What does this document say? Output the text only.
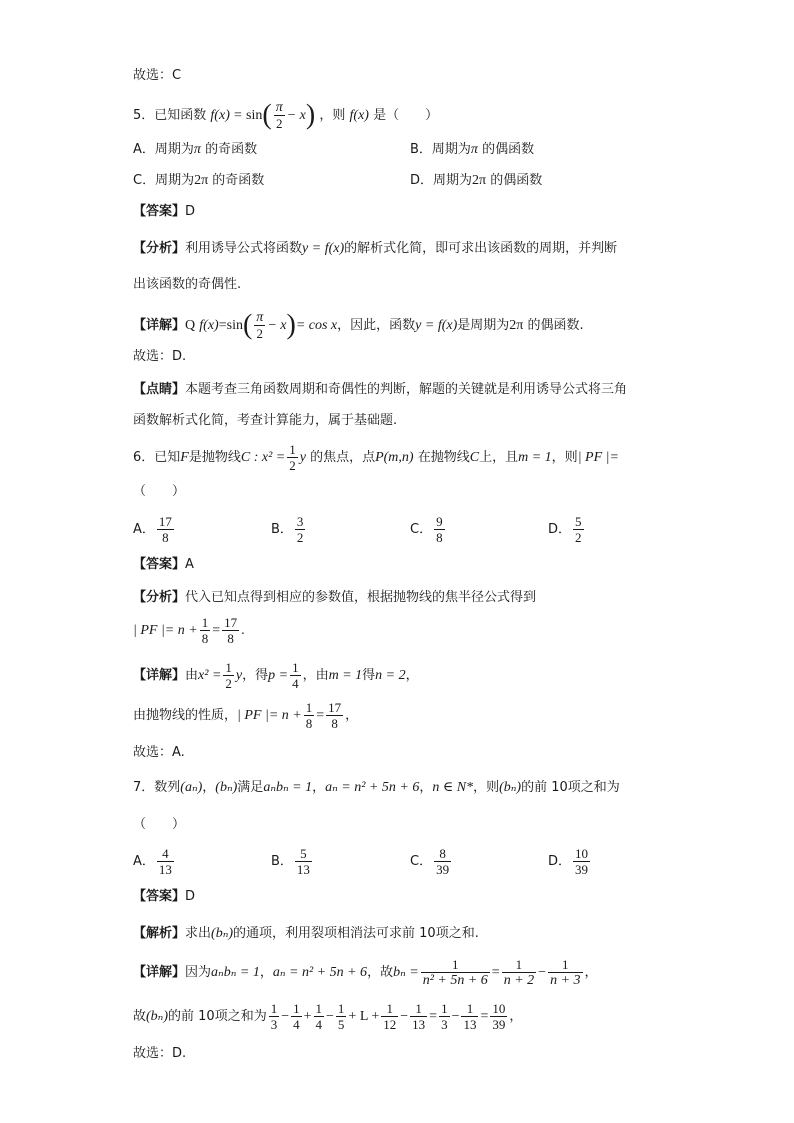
故选：C
5．已知函数 $f(x) = \sin( \frac{\pi}{2} - x)$ ，则 f(x) 是（　　）
A．周期为π 的奇函数	B．周期为π 的偶函数
C．周期为2π 的奇函数	D．周期为2π 的偶函数
【答案】D
【分析】利用诱导公式将函数y = f(x)的解析式化简，即可求出该函数的周期，并判断
出该函数的奇偶性.
【详解】Q $f(x)=\sin( \frac{\pi}{2} - x)= \cos x$，因此，函数y = f(x)是周期为2π 的偶函数.
故选：D.
【点睛】本题考查三角函数周期和奇偶性的判断，解题的关键就是利用诱导公式将三角
函数解析式化简，考查计算能力，属于基础题.
6．已知F是抛物线C : $x^2 = \frac{1}{2}$ y 的焦点，点P(m,n) 在抛物线C上，且m = 1，则| PF |=
（　　）
A． $\frac{17}{8}$	B． $\frac{3}{2}$	C． $\frac{9}{8}$	D． $\frac{5}{2}$
【答案】A
【分析】代入已知点得到相应的参数值，根据抛物线的焦半径公式得到
| PF |= $n + \frac{1}{8} = \frac{17}{8}$ .
【详解】由$x^2 = \frac{1}{2}$ y，得$p = \frac{1}{4}$ ，由m = 1得n = 2，
由抛物线的性质，| PF |= $n + \frac{1}{8} = \frac{17}{8}$ ，
故选：A.
7．数列(aₙ)，(bₙ)满足aₙbₙ = 1，aₙ = n² + 5n + 6，n ∈ N*，则(bₙ)的前 10项之和为
（　　）
A． $\frac{4}{13}$	B． $\frac{5}{13}$	C． $\frac{8}{39}$	D． $\frac{10}{39}$
【答案】D
【解析】求出(bₙ)的通项，利用裂项相消法可求前 10项之和.
【详解】因为aₙbₙ = 1，aₙ = n² + 5n + 6，故$b_n = \frac{1}{\text{n² + 5n + 6}} = \frac{1}{n + 2} - \frac{1}{n + 3}$ ，
故(bₙ)的前 10项之和为 $\frac{1}{3} - \frac{1}{4} + \frac{1}{4} - \frac{1}{5} + L + \frac{1}{12} - \frac{1}{13} = \frac{1}{3} - \frac{1}{13} = \frac{10}{39}$ ，
故选：D.
